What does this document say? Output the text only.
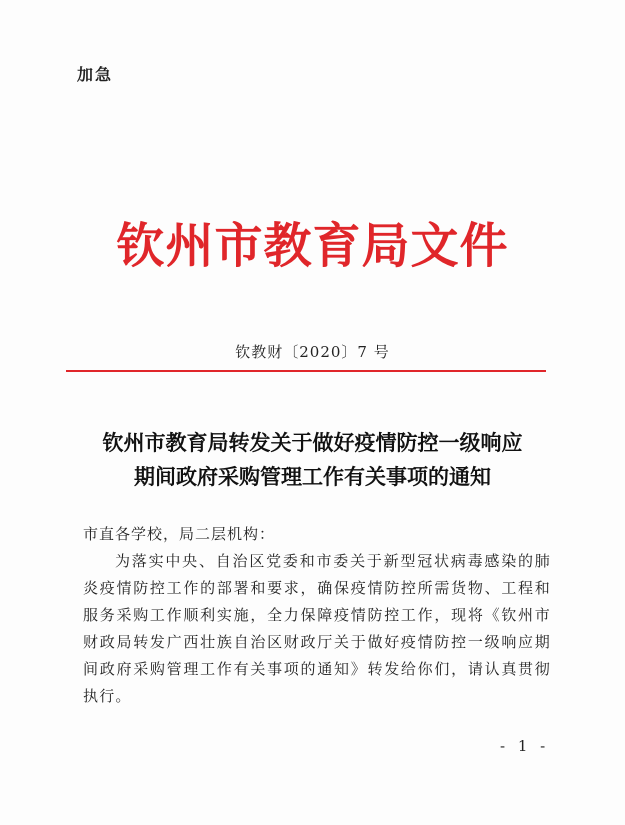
加急
钦州市教育局文件
钦教财〔2020〕7 号
钦州市教育局转发关于做好疫情防控一级响应
期间政府采购管理工作有关事项的通知
市直各学校，局二层机构：
为落实中央、自治区党委和市委关于新型冠状病毒感染的肺炎疫情防控工作的部署和要求，确保疫情防控所需货物、工程和服务采购工作顺利实施，全力保障疫情防控工作，现将《钦州市财政局转发广西壮族自治区财政厅关于做好疫情防控一级响应期间政府采购管理工作有关事项的通知》转发给你们，请认真贯彻执行。
- 1 -
